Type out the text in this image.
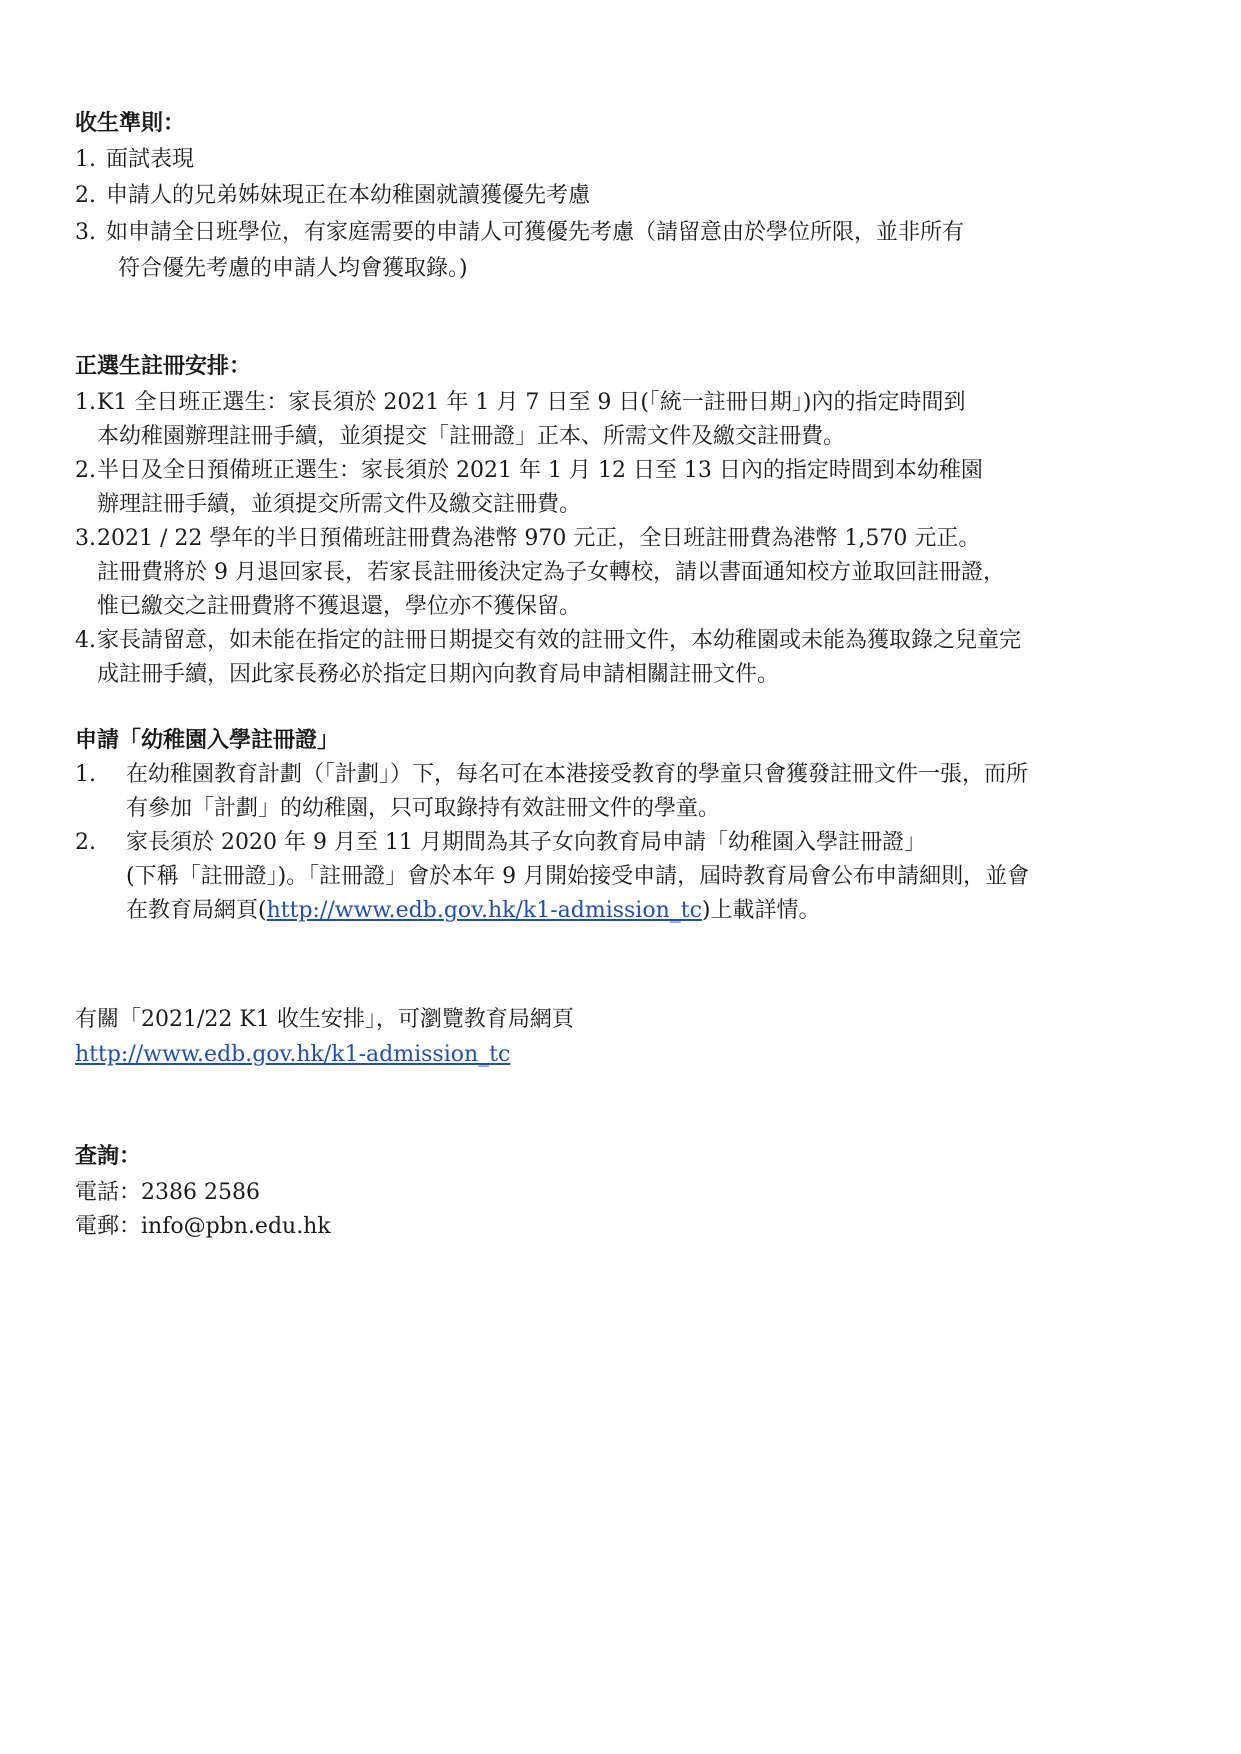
收生準則：
1. 面試表現
2. 申請人的兄弟姊妹現正在本幼稚園就讀獲優先考慮
3. 如申請全日班學位，有家庭需要的申請人可獲優先考慮（請留意由於學位所限，並非所有
符合優先考慮的申請人均會獲取錄。)
正選生註冊安排：
1. K1 全日班正選生：家長須於 2021 年 1 月 7 日至 9 日(「統一註冊日期」)內的指定時間到
本幼稚園辦理註冊手續，並須提交「註冊證」正本、所需文件及繳交註冊費。
2. 半日及全日預備班正選生：家長須於 2021 年 1 月 12 日至 13 日內的指定時間到本幼稚園
辦理註冊手續，並須提交所需文件及繳交註冊費。
3. 2021 / 22 學年的半日預備班註冊費為港幣 970 元正，全日班註冊費為港幣 1,570 元正。
註冊費將於 9 月退回家長，若家長註冊後決定為子女轉校，請以書面通知校方並取回註冊證，
惟已繳交之註冊費將不獲退還，學位亦不獲保留。
4. 家長請留意，如未能在指定的註冊日期提交有效的註冊文件，本幼稚園或未能為獲取錄之兒童完
成註冊手續，因此家長務必於指定日期內向教育局申請相關註冊文件。
申請「幼稚園入學註冊證」
1. 在幼稚園教育計劃（「計劃」）下，每名可在本港接受教育的學童只會獲發註冊文件一張，而所
有參加「計劃」的幼稚園，只可取錄持有效註冊文件的學童。
2. 家長須於 2020 年 9 月至 11 月期間為其子女向教育局申請「幼稚園入學註冊證」
(下稱「註冊證」)。「註冊證」會於本年 9 月開始接受申請，屆時教育局會公布申請細則，並會
在教育局網頁(http://www.edb.gov.hk/k1-admission_tc)上載詳情。
有關「2021/22 K1 收生安排」，可瀏覽教育局網頁
http://www.edb.gov.hk/k1-admission_tc
查詢：
電話：2386 2586
電郵：info@pbn.edu.hk
